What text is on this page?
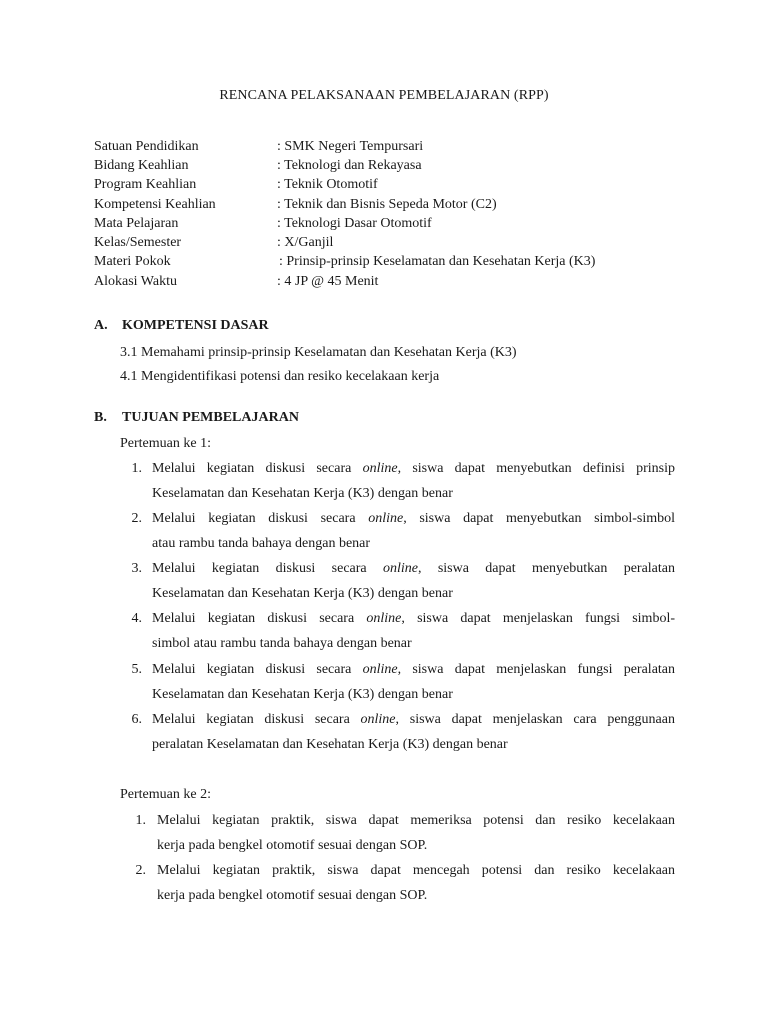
RENCANA PELAKSANAAN PEMBELAJARAN (RPP)
Satuan Pendidikan	: SMK Negeri Tempursari
Bidang Keahlian	: Teknologi dan Rekayasa
Program Keahlian	: Teknik Otomotif
Kompetensi Keahlian	: Teknik dan Bisnis Sepeda Motor (C2)
Mata Pelajaran	: Teknologi Dasar Otomotif
Kelas/Semester	: X/Ganjil
Materi Pokok	: Prinsip-prinsip Keselamatan dan Kesehatan Kerja (K3)
Alokasi Waktu	: 4 JP @ 45 Menit
A. KOMPETENSI DASAR
3.1 Memahami prinsip-prinsip Keselamatan dan Kesehatan Kerja (K3)
4.1 Mengidentifikasi potensi dan resiko kecelakaan kerja
B. TUJUAN PEMBELAJARAN
Pertemuan ke 1:
1. Melalui kegiatan diskusi secara online, siswa dapat menyebutkan definisi prinsip
Keselamatan dan Kesehatan Kerja (K3) dengan benar
2. Melalui kegiatan diskusi secara online, siswa dapat menyebutkan simbol-simbol
atau rambu tanda bahaya dengan benar
3. Melalui kegiatan diskusi secara online, siswa dapat menyebutkan peralatan
Keselamatan dan Kesehatan Kerja (K3) dengan benar
4. Melalui kegiatan diskusi secara online, siswa dapat menjelaskan fungsi simbol-
simbol atau rambu tanda bahaya dengan benar
5. Melalui kegiatan diskusi secara online, siswa dapat menjelaskan fungsi peralatan
Keselamatan dan Kesehatan Kerja (K3) dengan benar
6. Melalui kegiatan diskusi secara online, siswa dapat menjelaskan cara penggunaan
peralatan Keselamatan dan Kesehatan Kerja (K3) dengan benar
Pertemuan ke 2:
1. Melalui kegiatan praktik, siswa dapat memeriksa potensi dan resiko kecelakaan
kerja pada bengkel otomotif sesuai dengan SOP.
2. Melalui kegiatan praktik, siswa dapat mencegah potensi dan resiko kecelakaan
kerja pada bengkel otomotif sesuai dengan SOP.
